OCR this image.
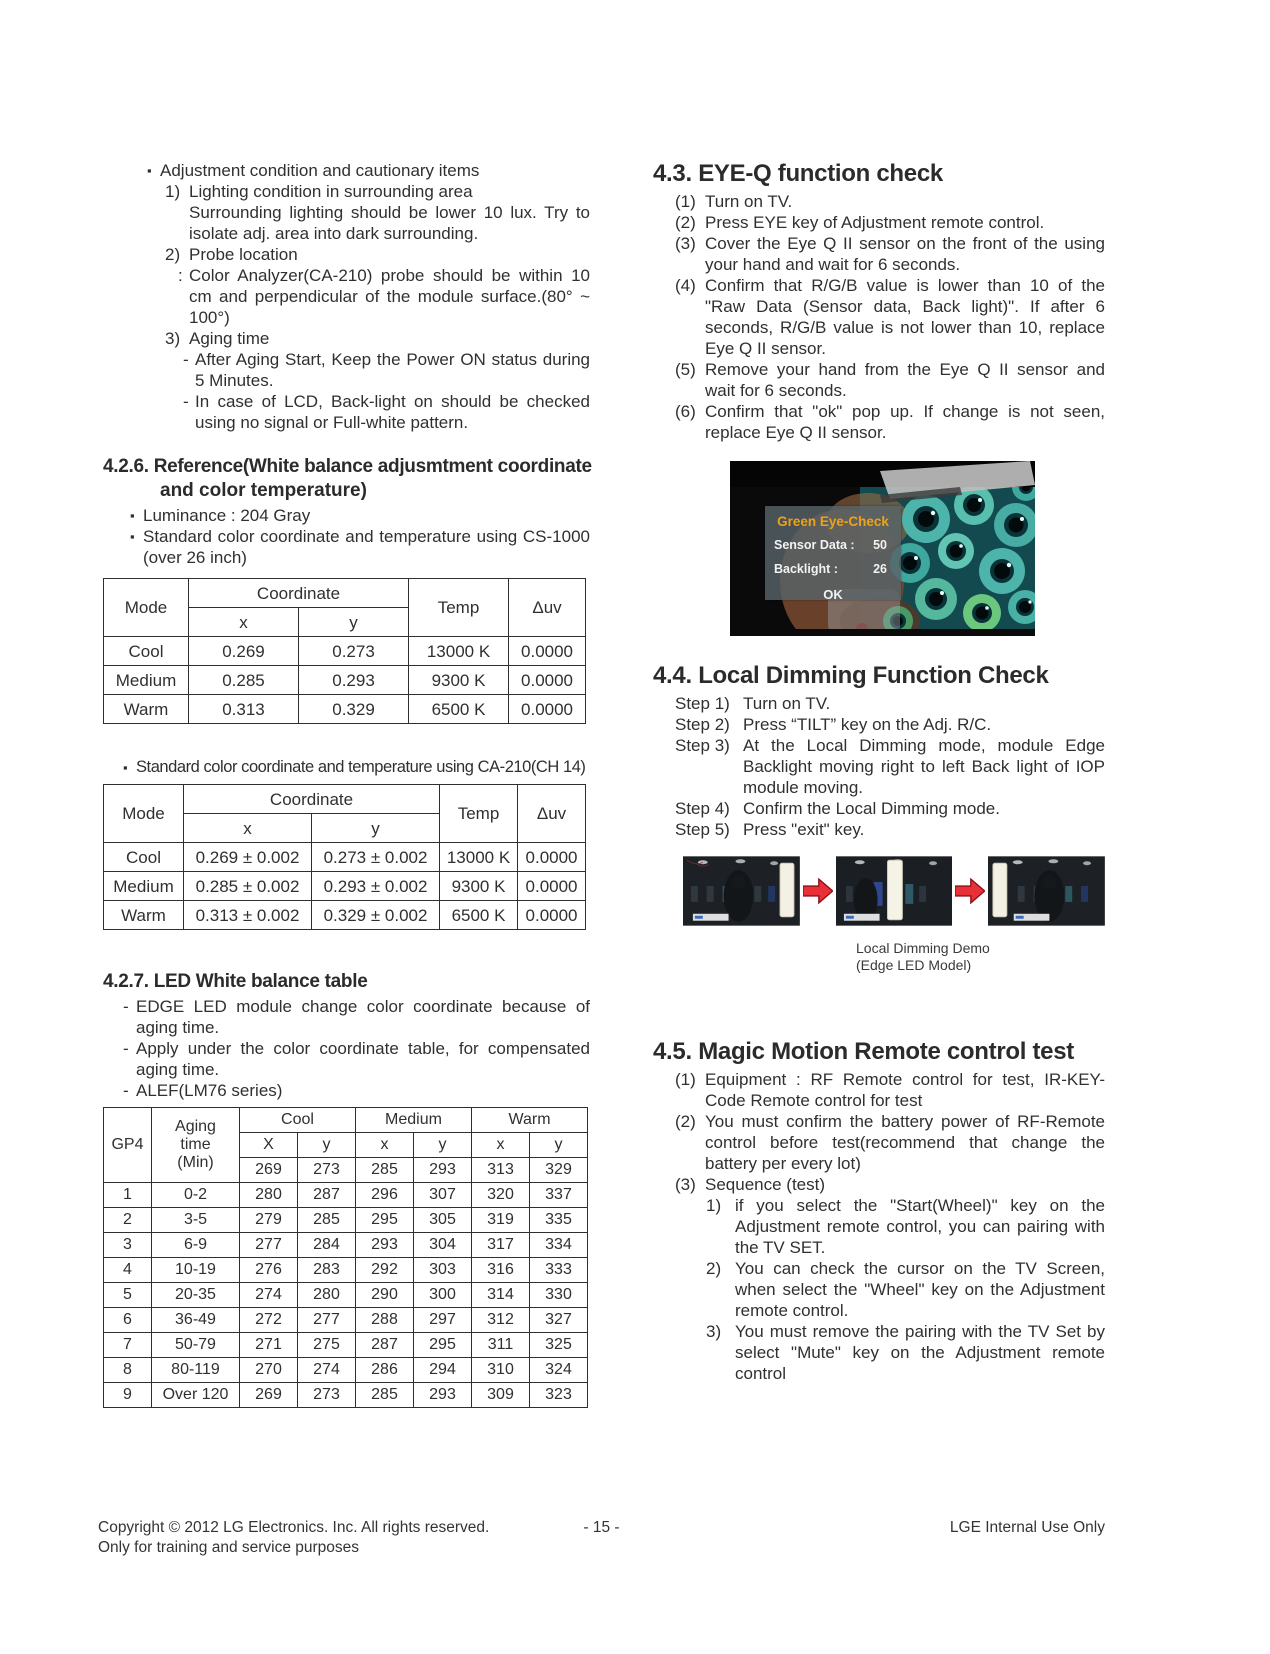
▪ Adjustment condition and cautionary items
1) Lighting condition in surrounding area
Surrounding lighting should be lower 10 lux. Try to isolate adj. area into dark surrounding.
2) Probe location
: Color Analyzer(CA-210) probe should be within 10 cm and perpendicular of the module surface.(80° ~ 100°)
3) Aging time
- After Aging Start, Keep the Power ON status during 5 Minutes.
- In case of LCD, Back-light on should be checked using no signal or Full-white pattern.
4.2.6. Reference(White balance adjusmtment coordinate
and color temperature)
▪ Luminance : 204 Gray
▪ Standard color coordinate and temperature using CS-1000 (over 26 inch)
Mode	Coordinate		Temp	Δuv
	x	y		
Cool	0.269	0.273	13000 K	0.0000
Medium	0.285	0.293	9300 K	0.0000
Warm	0.313	0.329	6500 K	0.0000
▪ Standard color coordinate and temperature using CA-210(CH 14)
Mode	Coordinate		Temp	Δuv
	x	y		
Cool	0.269 ± 0.002	0.273 ± 0.002	13000 K	0.0000
Medium	0.285 ± 0.002	0.293 ± 0.002	9300 K	0.0000
Warm	0.313 ± 0.002	0.329 ± 0.002	6500 K	0.0000
4.2.7. LED White balance table
- EDGE LED module change color coordinate because of aging time.
- Apply under the color coordinate table, for compensated aging time.
- ALEF(LM76 series)
GP4	Aging time (Min)	Cool		Medium		Warm	
		X	y	x	y	x	y
		269	273	285	293	313	329
1	0-2	280	287	296	307	320	337
2	3-5	279	285	295	305	319	335
3	6-9	277	284	293	304	317	334
4	10-19	276	283	292	303	316	333
5	20-35	274	280	290	300	314	330
6	36-49	272	277	288	297	312	327
7	50-79	271	275	287	295	311	325
8	80-119	270	274	286	294	310	324
9	Over 120	269	273	285	293	309	323
4.3. EYE-Q function check
(1) Turn on TV.
(2) Press EYE key of Adjustment remote control.
(3) Cover the Eye Q II sensor on the front of the using your hand and wait for 6 seconds.
(4) Confirm that R/G/B value is lower than 10 of the "Raw Data (Sensor data, Back light)". If after 6 seconds, R/G/B value is not lower than 10, replace Eye Q II sensor.
(5) Remove your hand from the Eye Q II sensor and wait for 6 seconds.
(6) Confirm that "ok" pop up. If change is not seen, replace Eye Q II sensor.
Green Eye-Check
Sensor Data : 50
Backlight :	26
OK
4.4. Local Dimming Function Check
Step 1) Turn on TV.
Step 2) Press “TILT” key on the Adj. R/C.
Step 3) At the Local Dimming mode, module Edge Backlight moving right to left Back light of IOP module moving.
Step 4) Confirm the Local Dimming mode.
Step 5) Press "exit" key.
Local Dimming Demo
(Edge LED Model)
4.5. Magic Motion Remote control test
(1) Equipment : RF Remote control for test, IR-KEY-Code Remote control for test
(2) You must confirm the battery power of RF-Remote control before test(recommend that change the battery per every lot)
(3) Sequence (test)
1) if you select the "Start(Wheel)" key on the Adjustment remote control, you can pairing with the TV SET.
2) You can check the cursor on the TV Screen, when select the "Wheel" key on the Adjustment remote control.
3) You must remove the pairing with the TV Set by select "Mute" key on the Adjustment remote control
Copyright © 2012 LG Electronics. Inc. All rights reserved.	- 15 -	LGE Internal Use Only
Only for training and service purposes
